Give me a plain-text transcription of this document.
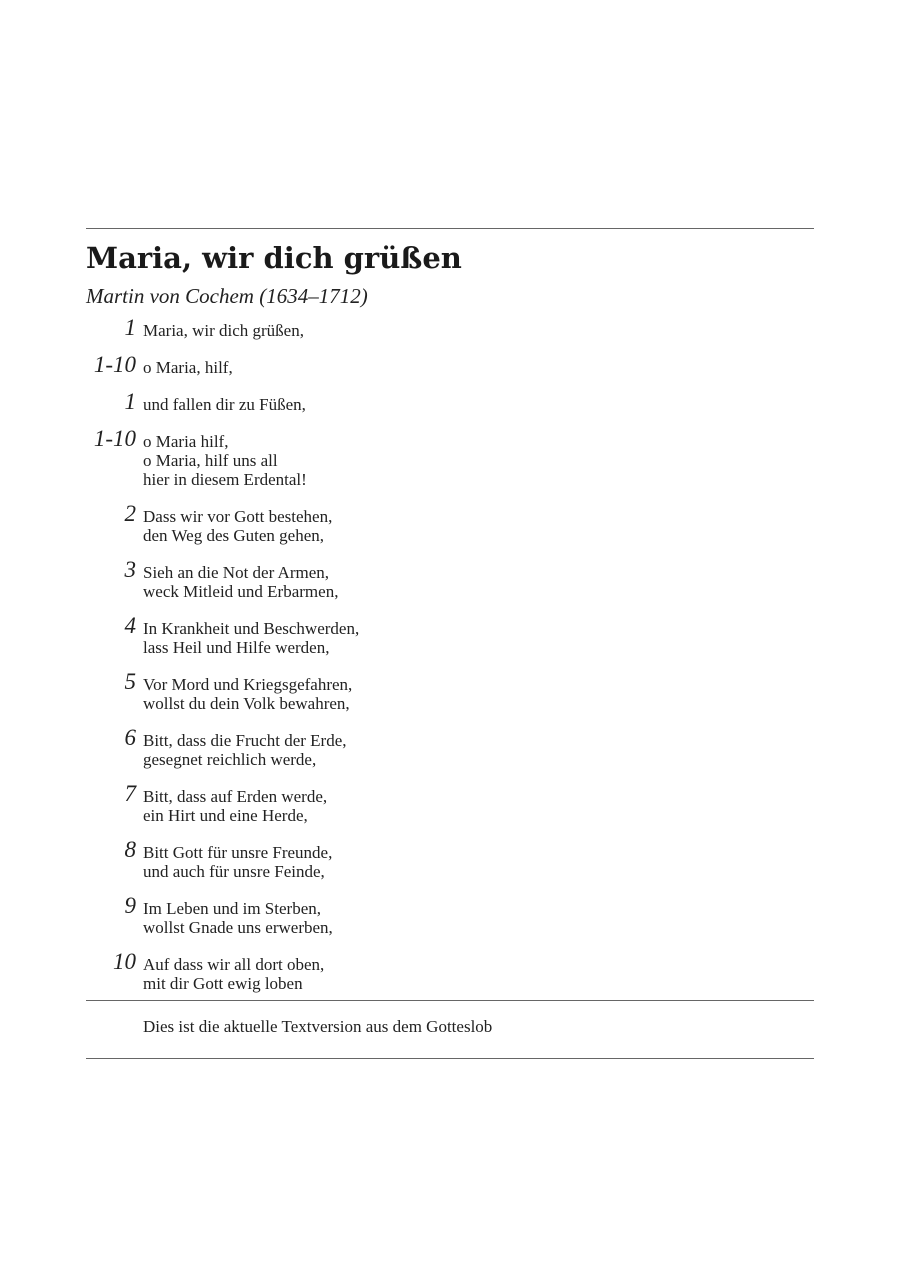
Maria, wir dich grüßen
Martin von Cochem (1634–1712)
1 Maria, wir dich grüßen,
1-10 o Maria, hilf,
1 und fallen dir zu Füßen,
1-10 o Maria hilf,
o Maria, hilf uns all
hier in diesem Erdental!
2 Dass wir vor Gott bestehen,
den Weg des Guten gehen,
3 Sieh an die Not der Armen,
weck Mitleid und Erbarmen,
4 In Krankheit und Beschwerden,
lass Heil und Hilfe werden,
5 Vor Mord und Kriegsgefahren,
wollst du dein Volk bewahren,
6 Bitt, dass die Frucht der Erde,
gesegnet reichlich werde,
7 Bitt, dass auf Erden werde,
ein Hirt und eine Herde,
8 Bitt Gott für unsre Freunde,
und auch für unsre Feinde,
9 Im Leben und im Sterben,
wollst Gnade uns erwerben,
10 Auf dass wir all dort oben,
mit dir Gott ewig loben
Dies ist die aktuelle Textversion aus dem Gotteslob
